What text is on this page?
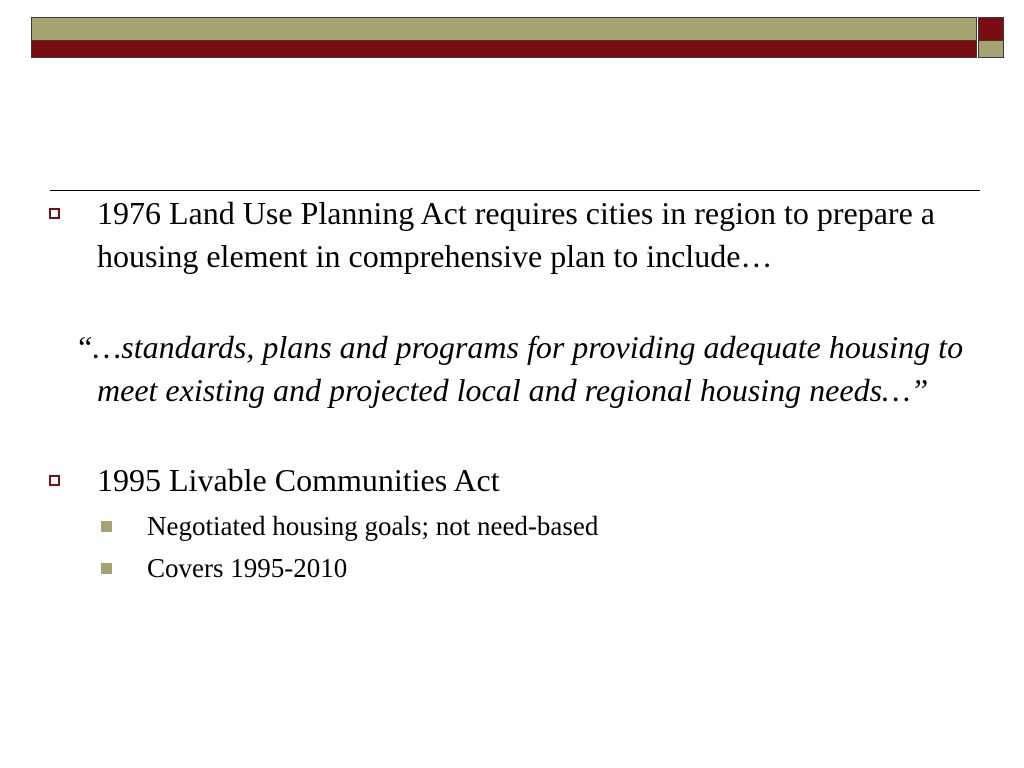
1976 Land Use Planning Act requires cities in region to prepare a housing element in comprehensive plan to include…
“…standards, plans and programs for providing adequate housing to meet existing and projected local and regional housing needs…”
1995 Livable Communities Act
Negotiated housing goals; not need-based
Covers 1995-2010
